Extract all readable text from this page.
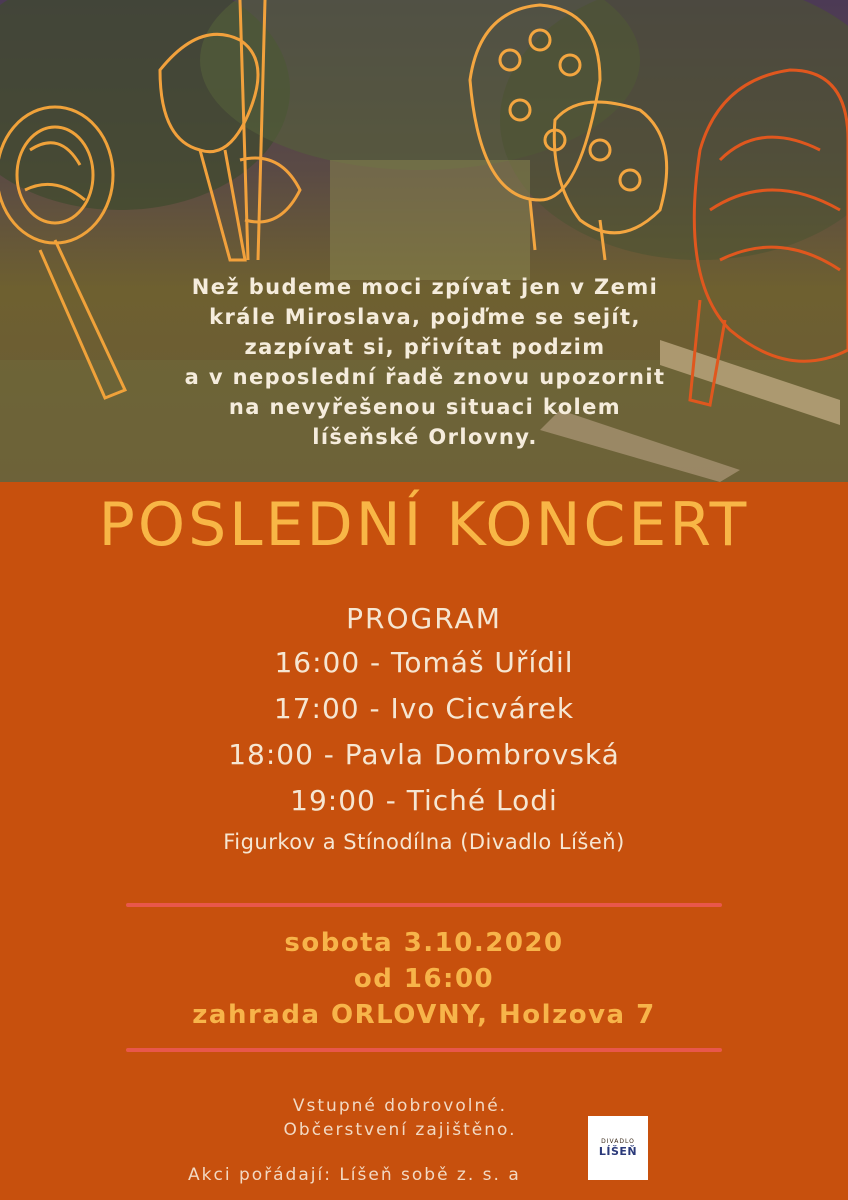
Než budeme moci zpívat jen v Zemi
krále Miroslava, pojďme se sejít,
zazpívat si, přivítat podzim
a v neposlední řadě znovu upozornit
na nevyřešenou situaci kolem
líšeňské Orlovny.
POSLEDNÍ KONCERT
PROGRAM
16:00 - Tomáš Uřídil
17:00 - Ivo Cicvárek
18:00 - Pavla Dombrovská
19:00 - Tiché Lodi
Figurkov a Stínodílna (Divadlo Líšeň)
sobota 3.10.2020
od 16:00
zahrada ORLOVNY, Holzova 7
Vstupné dobrovolné.
Občerstvení zajištěno.
Akci pořádají: Líšeň sobě z. s. a
DIVADLO
LÍŠEŇ
